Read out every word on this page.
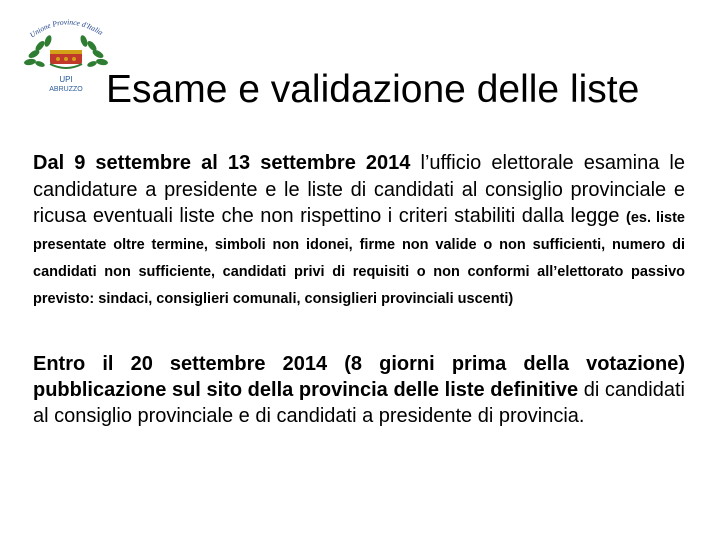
Unione Province d'Italia
UPI
ABRUZZO Esame e validazione delle liste

Dal 9 settembre al 13 settembre 2014 l’ufficio elettorale esamina le candidature a presidente e le liste di candidati al consiglio provinciale e ricusa eventuali liste che non rispettino i criteri stabiliti dalla legge (es. liste presentate oltre termine, simboli non idonei, firme non valide o non sufficienti, numero di candidati non sufficiente, candidati privi di requisiti o non conformi all’elettorato passivo previsto: sindaci, consiglieri comunali, consiglieri provinciali uscenti)

Entro il 20 settembre 2014 (8 giorni prima della votazione) pubblicazione sul sito della provincia delle liste definitive di candidati al consiglio provinciale e di candidati a presidente di provincia.
